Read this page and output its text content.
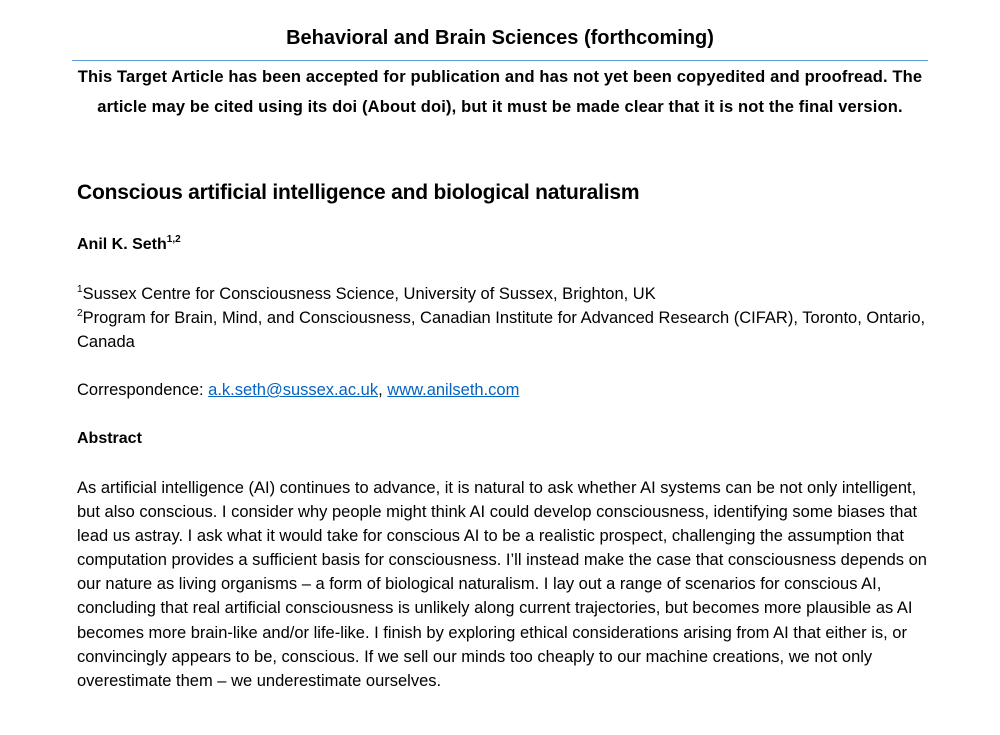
Behavioral and Brain Sciences (forthcoming)
This Target Article has been accepted for publication and has not yet been copyedited and proofread. The article may be cited using its doi (About doi), but it must be made clear that it is not the final version.
Conscious artificial intelligence and biological naturalism
Anil K. Seth$^{1,2}$
$^1$Sussex Centre for Consciousness Science, University of Sussex, Brighton, UK
$^2$Program for Brain, Mind, and Consciousness, Canadian Institute for Advanced Research (CIFAR), Toronto, Ontario, Canada
Correspondence: a.k.seth@sussex.ac.uk, www.anilseth.com
Abstract
As artificial intelligence (AI) continues to advance, it is natural to ask whether AI systems can be not only intelligent, but also conscious. I consider why people might think AI could develop consciousness, identifying some biases that lead us astray. I ask what it would take for conscious AI to be a realistic prospect, challenging the assumption that computation provides a sufficient basis for consciousness. I’ll instead make the case that consciousness depends on our nature as living organisms – a form of biological naturalism. I lay out a range of scenarios for conscious AI, concluding that real artificial consciousness is unlikely along current trajectories, but becomes more plausible as AI becomes more brain-like and/or life-like. I finish by exploring ethical considerations arising from AI that either is, or convincingly appears to be, conscious. If we sell our minds too cheaply to our machine creations, we not only overestimate them – we underestimate ourselves.
